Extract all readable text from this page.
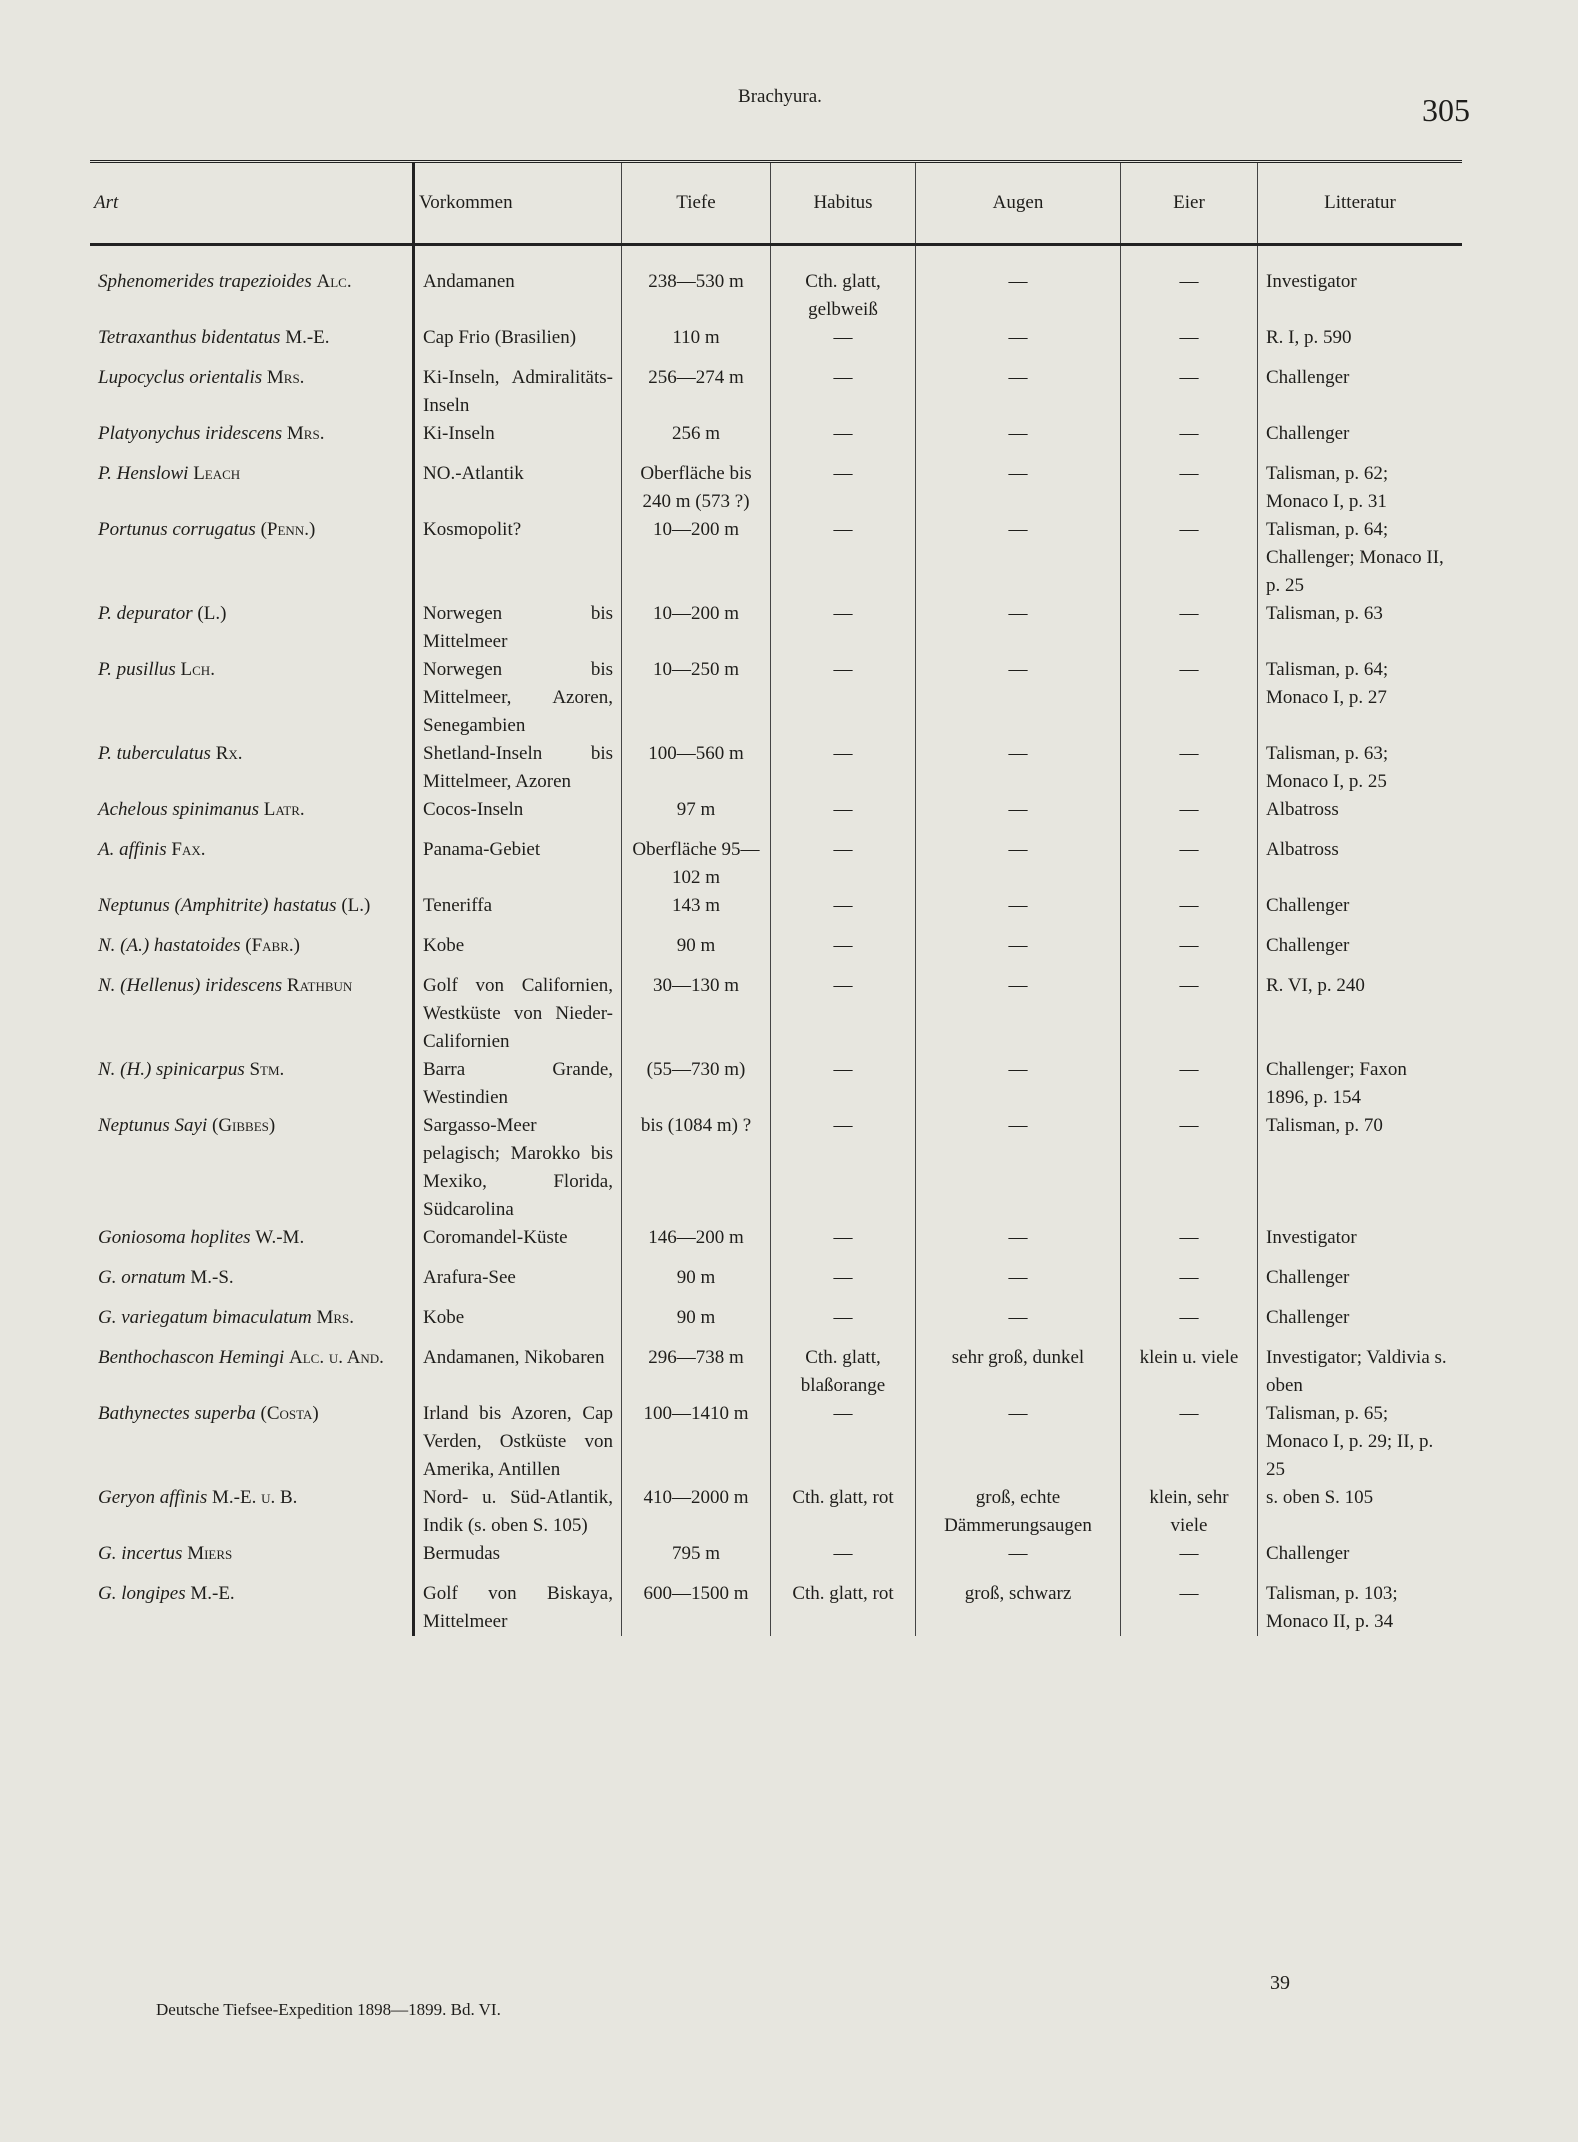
Brachyura.	305
Art	Vorkommen	Tiefe	Habitus	Augen	Eier	Litteratur
Sphenomerides trapezioides Alc.	Andamanen	238—530 m	Cth. glatt, gelbweiß	—	—	Investigator
Tetraxanthus bidentatus M.-E.	Cap Frio (Brasilien)	110 m	—	—	—	R. I, p. 590
Lupocyclus orientalis Mrs.	Ki-Inseln, Admiralitäts-Inseln	256—274 m	—	—	—	Challenger
Platyonychus iridescens Mrs.	Ki-Inseln	256 m	—	—	—	Challenger
P. Henslowi Leach	NO.-Atlantik	Oberfläche bis 240 m (573 ?)	—	—	—	Talisman, p. 62; Monaco I, p. 31
Portunus corrugatus (Penn.)	Kosmopolit?	10—200 m	—	—	—	Talisman, p. 64; Challenger; Monaco II, p. 25
P. depurator (L.)	Norwegen bis Mittelmeer	10—200 m	—	—	—	Talisman, p. 63
P. pusillus Lch.	Norwegen bis Mittelmeer, Azoren, Senegambien	10—250 m	—	—	—	Talisman, p. 64; Monaco I, p. 27
P. tuberculatus Rx.	Shetland-Inseln bis Mittelmeer, Azoren	100—560 m	—	—	—	Talisman, p. 63; Monaco I, p. 25
Achelous spinimanus Latr.	Cocos-Inseln	97 m	—	—	—	Albatross
A. affinis Fax.	Panama-Gebiet	Oberfläche 95—102 m	—	—	—	Albatross
Neptunus (Amphitrite) hastatus (L.)	Teneriffa	143 m	—	—	—	Challenger
N. (A.) hastatoides (Fabr.)	Kobe	90 m	—	—	—	Challenger
N. (Hellenus) iridescens Rathbun	Golf von Californien, Westküste von Nieder-Californien	30—130 m	—	—	—	R. VI, p. 240
N. (H.) spinicarpus Stm.	Barra Grande, Westindien	(55—730 m)	—	—	—	Challenger; Faxon 1896, p. 154
Neptunus Sayi (Gibbes)	Sargasso-Meer pelagisch; Marokko bis Mexiko, Florida, Südcarolina	bis (1084 m) ?	—	—	—	Talisman, p. 70
Goniosoma hoplites W.-M.	Coromandel-Küste	146—200 m	—	—	—	Investigator
G. ornatum M.-S.	Arafura-See	90 m	—	—	—	Challenger
G. variegatum bimaculatum Mrs.	Kobe	90 m	—	—	—	Challenger
Benthochascon Hemingi Alc. u. And.	Andamanen, Nikobaren	296—738 m	Cth. glatt, blaßorange	sehr groß, dunkel	klein u. viele	Investigator; Valdivia s. oben
Bathynectes superba (Costa)	Irland bis Azoren, Cap Verden, Ostküste von Amerika, Antillen	100—1410 m	—	—	—	Talisman, p. 65; Monaco I, p. 29; II, p. 25
Geryon affinis M.-E. u. B.	Nord- u. Süd-Atlantik, Indik (s. oben S. 105)	410—2000 m	Cth. glatt, rot	groß, echte Dämmerungsaugen	klein, sehr viele	s. oben S. 105
G. incertus Miers	Bermudas	795 m	—	—	—	Challenger
G. longipes M.-E.	Golf von Biskaya, Mittelmeer	600—1500 m	Cth. glatt, rot	groß, schwarz	—	Talisman, p. 103; Monaco II, p. 34
Deutsche Tiefsee-Expedition 1898—1899. Bd. VI.
39
